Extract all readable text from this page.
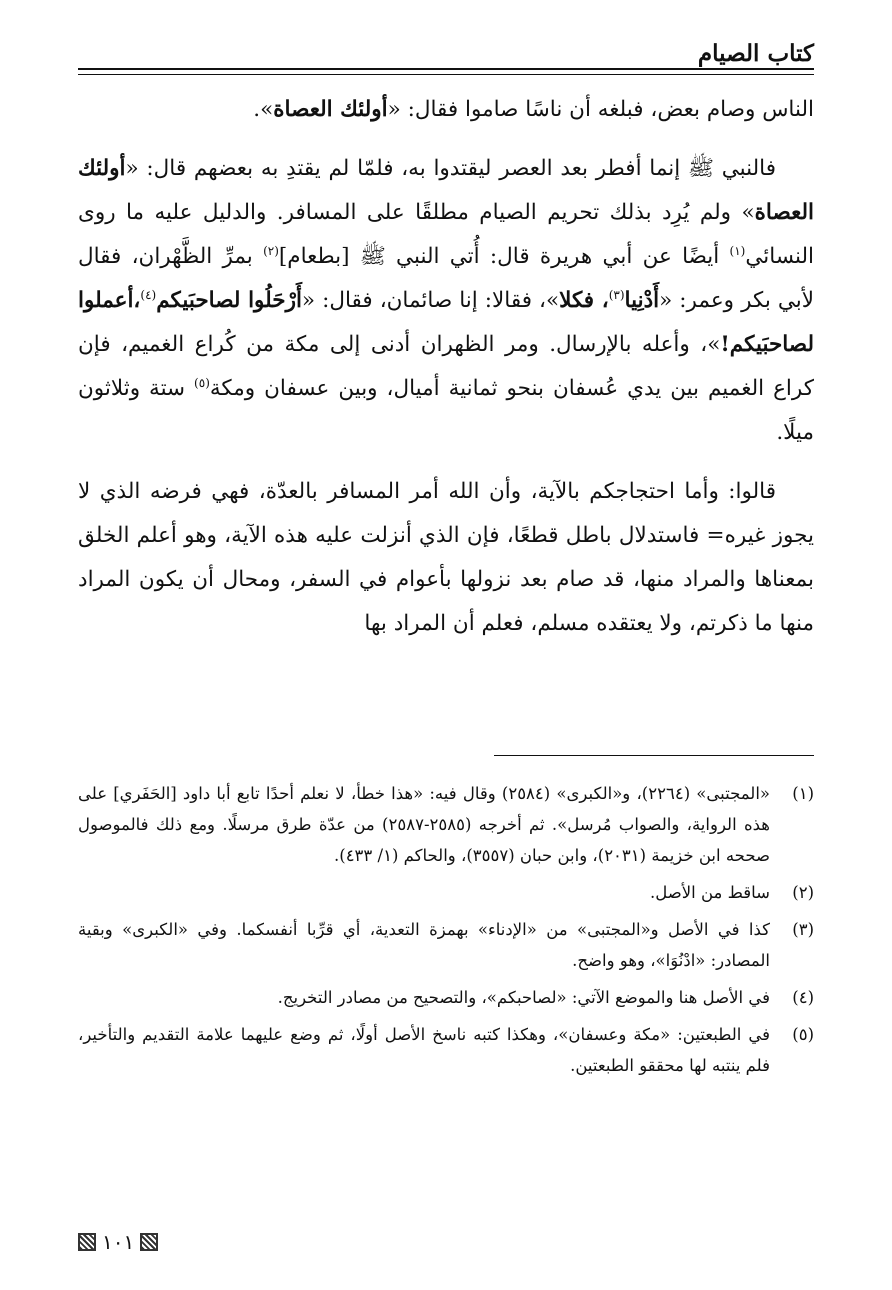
كتاب الصيام

الناس وصام بعض، فبلغه أن ناسًا صاموا فقال: «أولئك العصاة».

فالنبي ﷺ إنما أفطر بعد العصر ليقتدوا به، فلمّا لم يقتدِ به بعضهم قال: «أولئك العصاة» ولم يُرِد بذلك تحريم الصيام مطلقًا على المسافر. والدليل عليه ما روى النسائي$^{(١)}$ أيضًا عن أبي هريرة قال: أُتي النبي ﷺ [بطعام]$^{(٢)}$ بمرِّ الظَّهْران، فقال لأبي بكر وعمر: «أَدْنِيا$^{(٣)}$، فكلا»، فقالا: إنا صائمان، فقال: «أَرْحَلُوا لصاحبَيكم$^{(٤)}$،أعملوا لصاحبَيكم!»، وأعله بالإرسال. ومر الظهران أدنى إلى مكة من كُراع الغميم، فإن كراع الغميم بين يدي عُسفان بنحو ثمانية أميال، وبين عسفان ومكة$^{(٥)}$ ستة وثلاثون ميلًا.

قالوا: وأما احتجاجكم بالآية، وأن الله أمر المسافر بالعدّة، فهي فرضه الذي لا يجوز غيره= فاستدلال باطل قطعًا، فإن الذي أنزلت عليه هذه الآية، وهو أعلم الخلق بمعناها والمراد منها، قد صام بعد نزولها بأعوام في السفر، ومحال أن يكون المراد منها ما ذكرتم، ولا يعتقده مسلم، فعلم أن المراد بها

(١)
«المجتبى» (٢٢٦٤)، و«الكبرى» (٢٥٨٤) وقال فيه: «هذا خطأ، لا نعلم أحدًا تابع أبا داود [الحَفَري] على هذه الرواية، والصواب مُرسل». ثم أخرجه (٢٥٨٥-٢٥٨٧) من عدّة طرق مرسلًا. ومع ذلك فالموصول صححه ابن خزيمة (٢٠٣١)، وابن حبان (٣٥٥٧)، والحاكم (١/ ٤٣٣).
(٢)
ساقط من الأصل.
(٣)
كذا في الأصل و«المجتبى» من «الإدناء» بهمزة التعدية، أي قرِّبا أنفسكما. وفي «الكبرى» وبقية المصادر: «ادْنُوَا»، وهو واضح.
(٤)
في الأصل هنا والموضع الآتي: «لصاحبكم»، والتصحيح من مصادر التخريج.
(٥)
في الطبعتين: «مكة وعسفان»، وهكذا كتبه ناسخ الأصل أولًا، ثم وضع عليهما علامة التقديم والتأخير، فلم ينتبه لها محققو الطبعتين.
١٠١
